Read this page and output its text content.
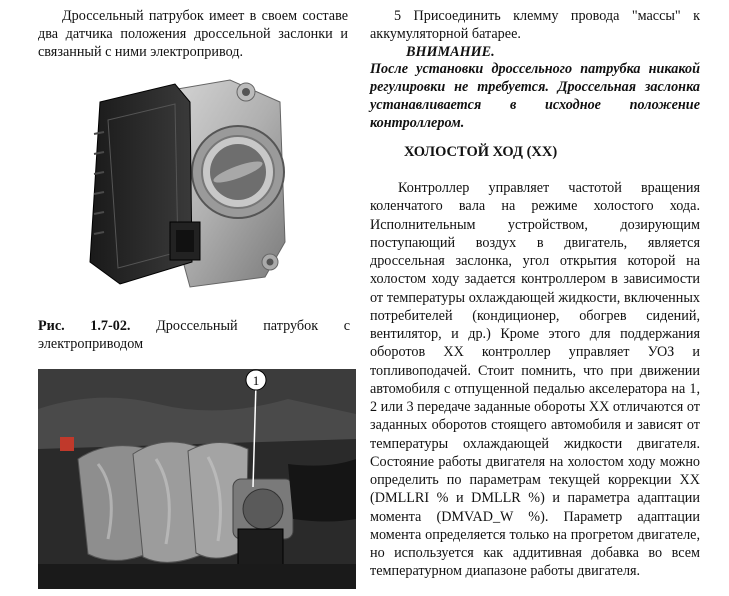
Дроссельный патрубок имеет в своем составе два датчика положения дроссельной заслонки и связанный с ними электропривод.

Рис. 1.7-02. Дроссельный патрубок с электроприводом
1

5 Присоединить клемму провода "массы" к аккумуляторной батарее.

ВНИМАНИЕ.

После установки дроссельного патрубка никакой регулировки не требуется. Дроссельная заслонка устанавливается в исходное положение контроллером.

ХОЛОСТОЙ ХОД (ХХ)

Контроллер управляет частотой вращения коленчатого вала на режиме холостого хода. Исполнительным устройством, дозирующим поступающий воздух в двигатель, является дроссельная заслонка, угол открытия которой на холостом ходу задается контроллером в зависимости от температуры охлаждающей жидкости, включенных потребителей (кондиционер, обогрев сидений, вентилятор, и др.) Кроме этого для поддержания оборотов ХХ контроллер управляет УОЗ и топливоподачей. Стоит помнить, что при движении автомобиля с отпущенной педалью акселератора на 1, 2 или 3 передаче заданные обороты ХХ отличаются от заданных оборотов стоящего автомобиля и зависят от температуры охлаждающей жидкости двигателя. Состояние работы двигателя на холостом ходу можно определить по параметрам текущей коррекции ХХ (DMLLRI % и DMLLR %) и параметра адаптации момента (DMVAD_W %). Параметр адаптации момента определяется только на прогретом двигателе, но используется как аддитивная добавка во всем температурном диапазоне работы двигателя.
